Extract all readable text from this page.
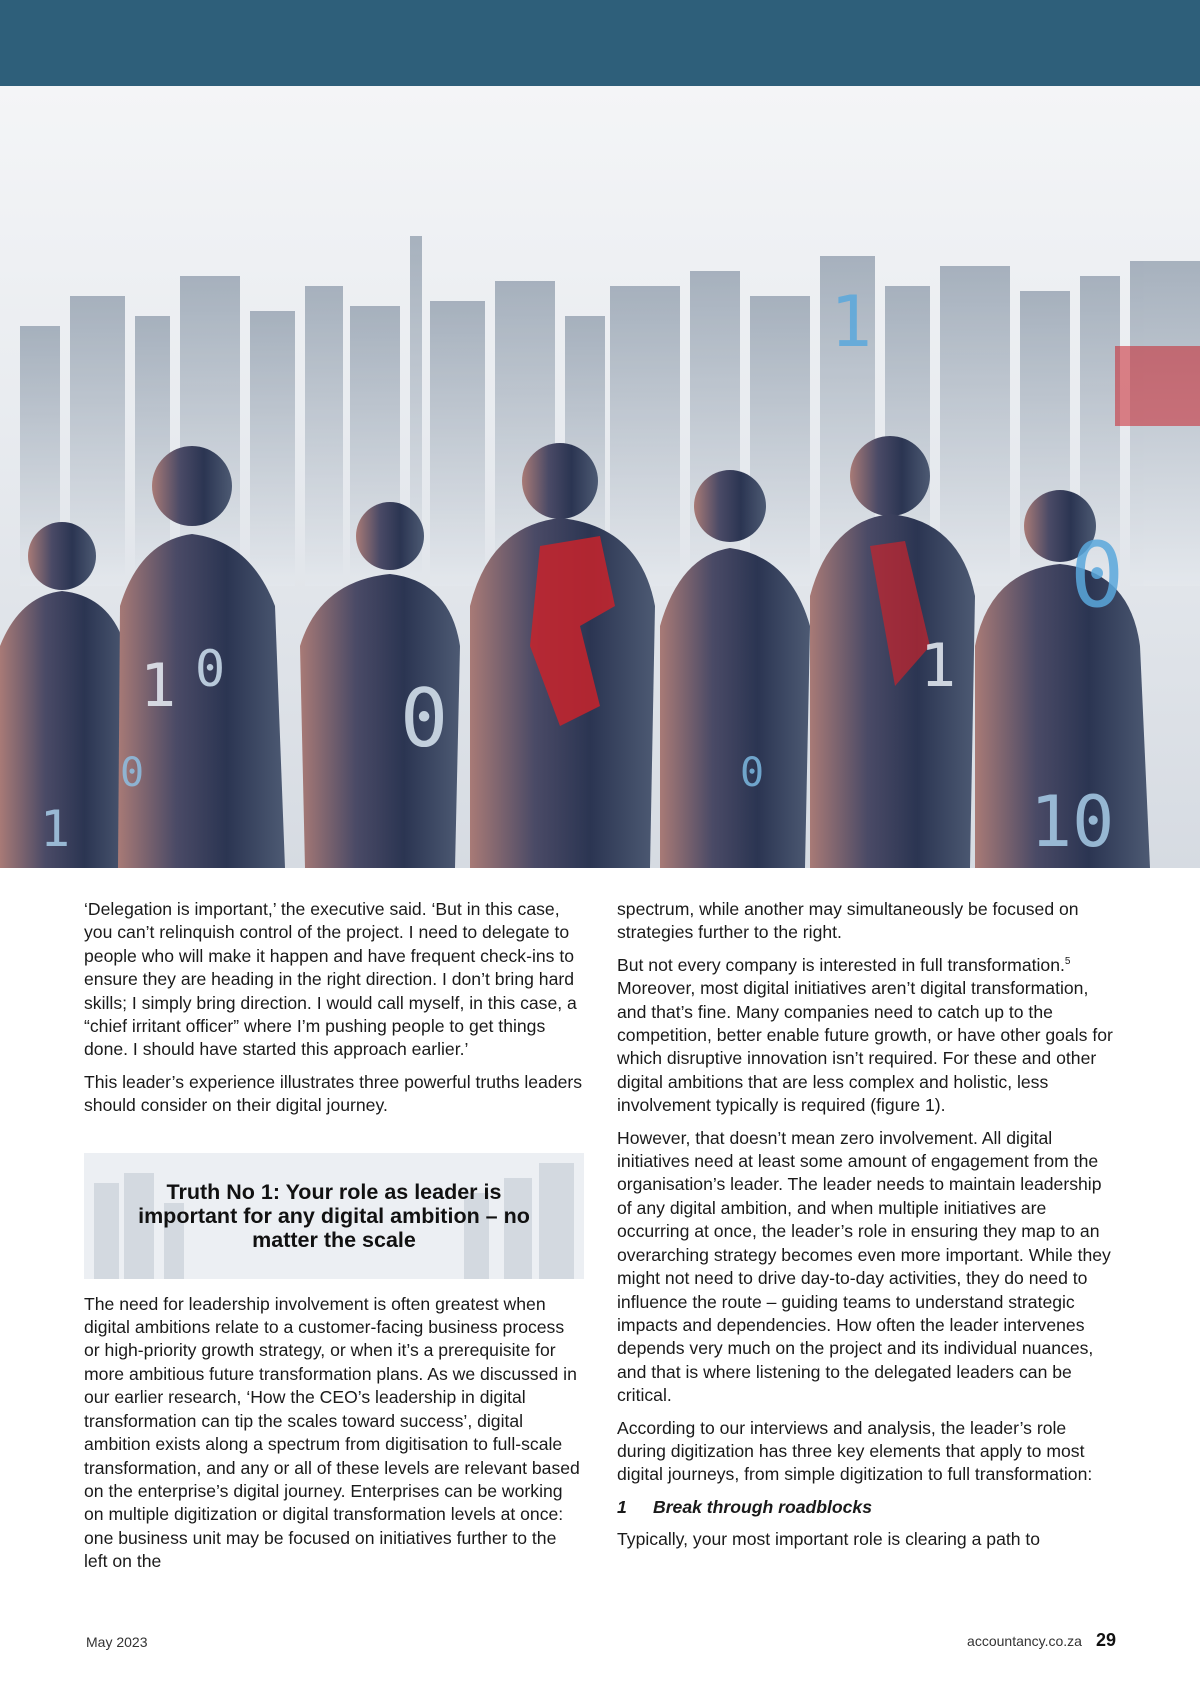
1 0
0
1
0
1
0
10
0
1

‘Delegation is important,’ the executive said. ‘But in this case, you can’t relinquish control of the project. I need to delegate to people who will make it happen and have frequent check-ins to ensure they are heading in the right direction. I don’t bring hard skills; I simply bring direction. I would call myself, in this case, a “chief irritant officer” where I’m pushing people to get things done. I should have started this approach earlier.’

This leader’s experience illustrates three powerful truths leaders should consider on their digital journey.

Truth No 1: Your role as leader is important for any digital ambition – no matter the scale

The need for leadership involvement is often greatest when digital ambitions relate to a customer-facing business process or high-priority growth strategy, or when it’s a prerequisite for more ambitious future transformation plans. As we discussed in our earlier research, ‘How the CEO’s leadership in digital transformation can tip the scales toward success’, digital ambition exists along a spectrum from digitisation to full-scale transformation, and any or all of these levels are relevant based on the enterprise’s digital journey. Enterprises can be working on multiple digitization or digital transformation levels at once: one business unit may be focused on initiatives further to the left on the

spectrum, while another may simultaneously be focused on strategies further to the right.

But not every company is interested in full transformation.$^5$ Moreover, most digital initiatives aren’t digital transformation, and that’s fine. Many companies need to catch up to the competition, better enable future growth, or have other goals for which disruptive innovation isn’t required. For these and other digital ambitions that are less complex and holistic, less involvement typically is required (figure 1).

However, that doesn’t mean zero involvement. All digital initiatives need at least some amount of engagement from the organisation’s leader. The leader needs to maintain leadership of any digital ambition, and when multiple initiatives are occurring at once, the leader’s role in ensuring they map to an overarching strategy becomes even more important. While they might not need to drive day-to-day activities, they do need to influence the route – guiding teams to understand strategic impacts and dependencies. How often the leader intervenes depends very much on the project and its individual nuances, and that is where listening to the delegated leaders can be critical.

According to our interviews and analysis, the leader’s role during digitization has three key elements that apply to most digital journeys, from simple digitization to full transformation:

1 Break through roadblocks

Typically, your most important role is clearing a path to

May 2023	accountancy.co.za 29
